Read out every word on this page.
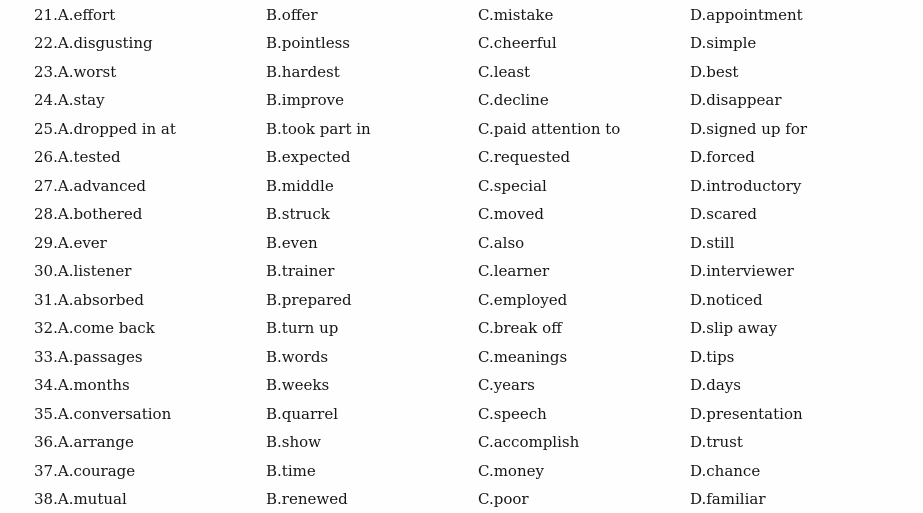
21.A.effort	B.offer	C.mistake	D.appointment
22.A.disgusting	B.pointless	C.cheerful	D.simple
23.A.worst	B.hardest	C.least	D.best
24.A.stay	B.improve	C.decline	D.disappear
25.A.dropped in at	B.took part in	C.paid attention to	D.signed up for
26.A.tested	B.expected	C.requested	D.forced
27.A.advanced	B.middle	C.special	D.introductory
28.A.bothered	B.struck	C.moved	D.scared
29.A.ever	B.even	C.also	D.still
30.A.listener	B.trainer	C.learner	D.interviewer
31.A.absorbed	B.prepared	C.employed	D.noticed
32.A.come back	B.turn up	C.break off	D.slip away
33.A.passages	B.words	C.meanings	D.tips
34.A.months	B.weeks	C.years	D.days
35.A.conversation	B.quarrel	C.speech	D.presentation
36.A.arrange	B.show	C.accomplish	D.trust
37.A.courage	B.time	C.money	D.chance
38.A.mutual	B.renewed	C.poor	D.familiar
